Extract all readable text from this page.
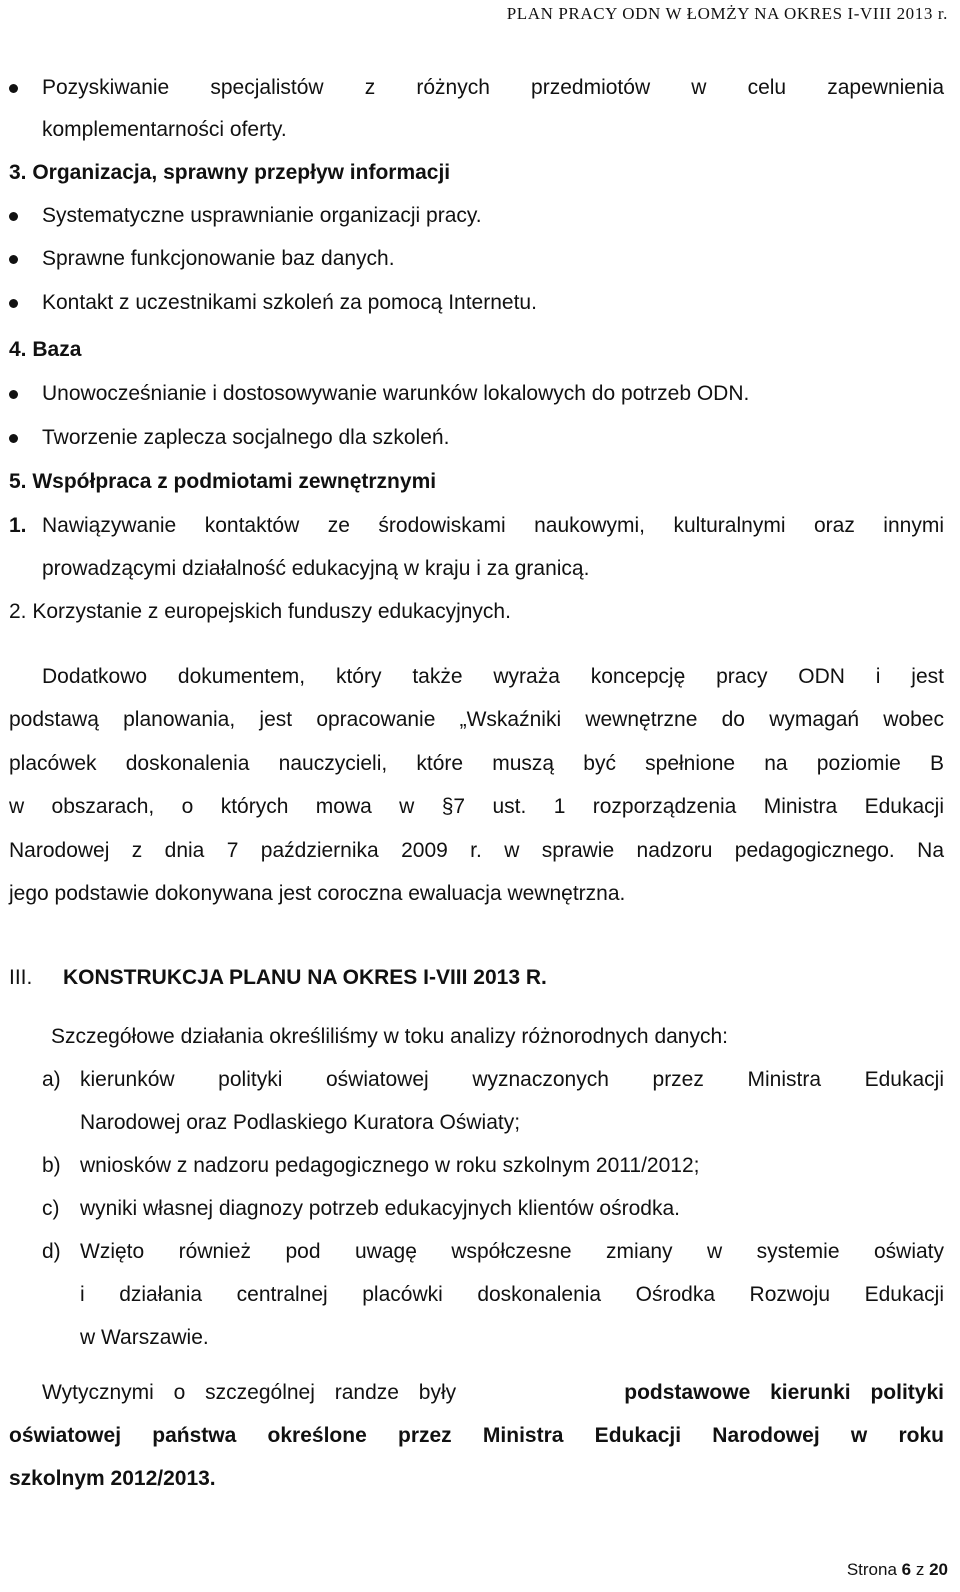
PLAN PRACY ODN W ŁOMŻY NA OKRES I-VIII 2013 r.
Pozyskiwanie specjalistów z różnych przedmiotów w celu zapewnienia
komplementarności oferty.
3. Organizacja, sprawny przepływ informacji
Systematyczne usprawnianie organizacji pracy.
Sprawne funkcjonowanie baz danych.
Kontakt z uczestnikami szkoleń za pomocą Internetu.
4. Baza
Unowocześnianie i dostosowywanie warunków lokalowych do potrzeb ODN.
Tworzenie zaplecza socjalnego dla szkoleń.
5. Współpraca z podmiotami zewnętrznymi
1. Nawiązywanie kontaktów ze środowiskami naukowymi, kulturalnymi oraz innymi
prowadzącymi działalność edukacyjną w kraju i za granicą.
2. Korzystanie z europejskich funduszy edukacyjnych.
Dodatkowo dokumentem, który także wyraża koncepcję pracy ODN i jest
podstawą planowania, jest opracowanie „Wskaźniki wewnętrzne do wymagań wobec
placówek doskonalenia nauczycieli, które muszą być spełnione na poziomie B
w obszarach, o których mowa w §7 ust. 1 rozporządzenia Ministra Edukacji
Narodowej z dnia 7 października 2009 r. w sprawie nadzoru pedagogicznego. Na
jego podstawie dokonywana jest coroczna ewaluacja wewnętrzna.
III. KONSTRUKCJA PLANU NA OKRES I-VIII 2013 R.
Szczegółowe działania określiliśmy w toku analizy różnorodnych danych:
a) kierunków polityki oświatowej wyznaczonych przez Ministra Edukacji
Narodowej oraz Podlaskiego Kuratora Oświaty;
b) wniosków z nadzoru pedagogicznego w roku szkolnym 2011/2012;
c) wyniki własnej diagnozy potrzeb edukacyjnych klientów ośrodka.
d) Wzięto również pod uwagę współczesne zmiany w systemie oświaty
i działania centralnej placówki doskonalenia Ośrodka Rozwoju Edukacji
w Warszawie.
Wytycznymi o szczególnej randze były	podstawowe kierunki polityki
oświatowej państwa określone przez Ministra Edukacji Narodowej w roku
szkolnym 2012/2013.
Strona 6 z 20
